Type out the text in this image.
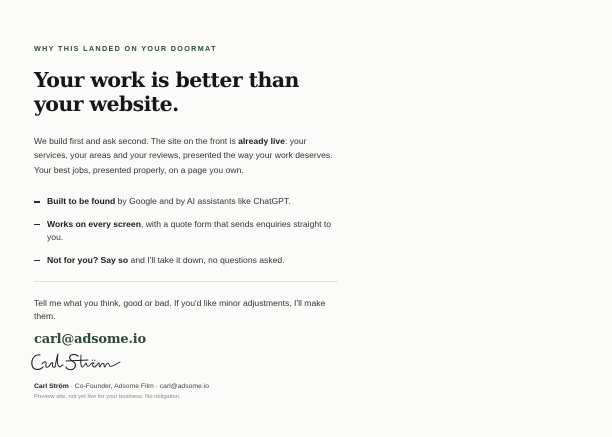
WHY THIS LANDED ON YOUR DOORMAT
Your work is better than
your website.

We build first and ask second. The site on the front is already live: your services, your areas and your reviews, presented the way your work deserves. Your best jobs, presented properly, on a page you own.

Built to be found by Google and by AI assistants like ChatGPT.
Works on every screen, with a quote form that sends enquiries straight to you.
Not for you? Say so and I'll take it down, no questions asked.

Tell me what you think, good or bad. If you'd like minor adjustments, I'll make them.

carl@adsome.io
Carl Ström · Co-Founder, Adsome Film · carl@adsome.io
Preview site, not yet live for your business. No obligation.
